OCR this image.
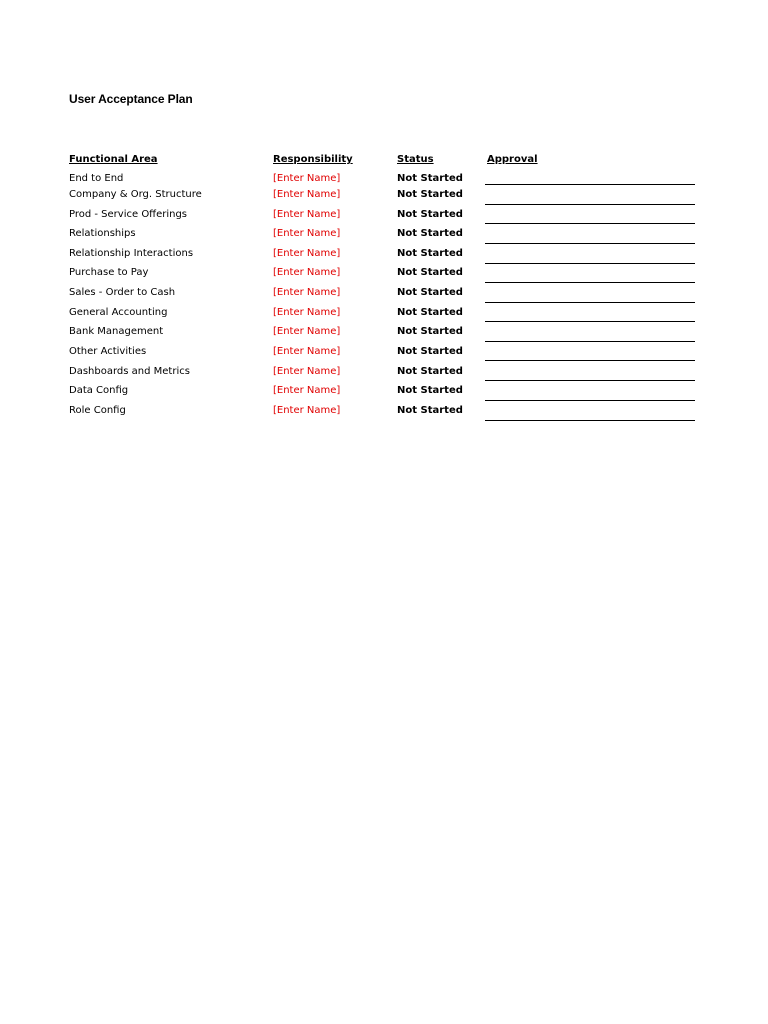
User Acceptance Plan
Functional Area	Responsibility	Status	Approval
End to End	[Enter Name]	Not Started
Company & Org. Structure	[Enter Name]	Not Started
Prod - Service Offerings	[Enter Name]	Not Started
Relationships	[Enter Name]	Not Started
Relationship Interactions	[Enter Name]	Not Started
Purchase to Pay	[Enter Name]	Not Started
Sales - Order to Cash	[Enter Name]	Not Started
General Accounting	[Enter Name]	Not Started
Bank Management	[Enter Name]	Not Started
Other Activities	[Enter Name]	Not Started
Dashboards and Metrics	[Enter Name]	Not Started
Data Config	[Enter Name]	Not Started
Role Config	[Enter Name]	Not Started
